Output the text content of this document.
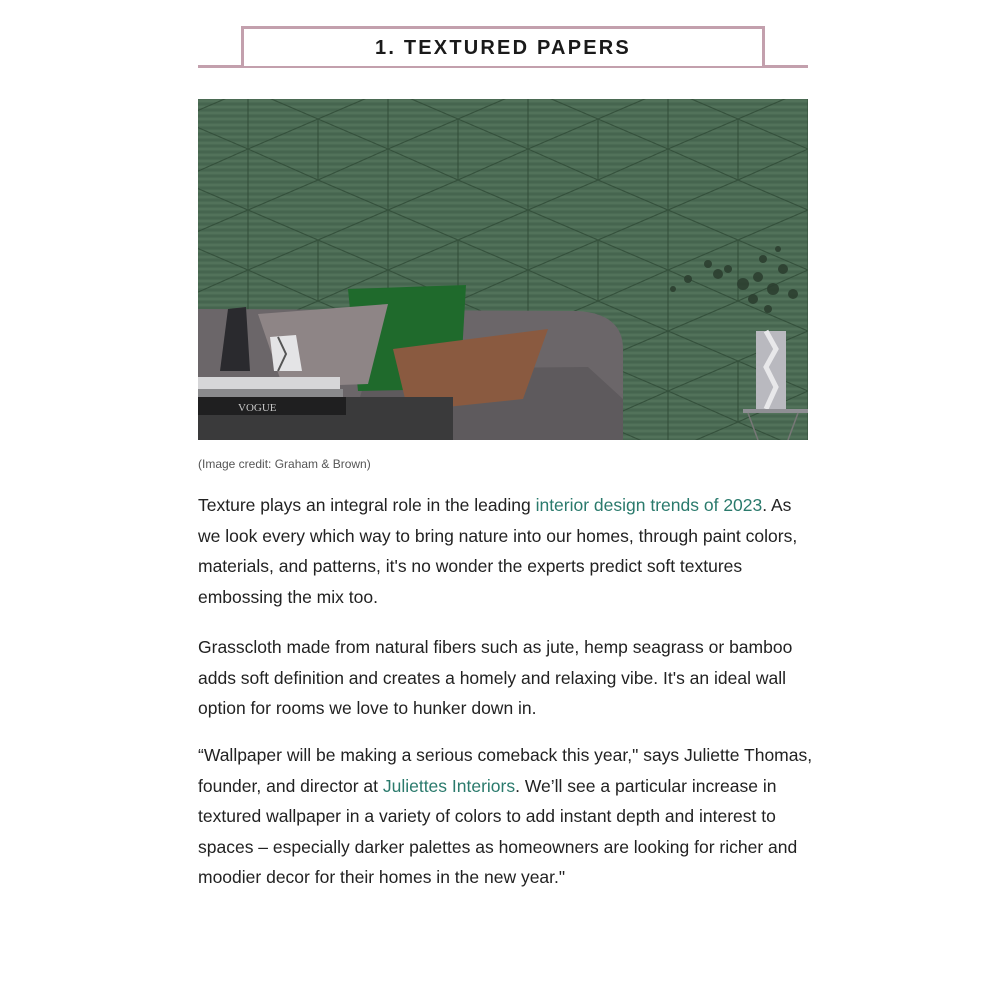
1. TEXTURED PAPERS
VOGUE
(Image credit: Graham & Brown)

Texture plays an integral role in the leading interior design trends of 2023. As we look every which way to bring nature into our homes, through paint colors, materials, and patterns, it's no wonder the experts predict soft textures embossing the mix too.

Grasscloth made from natural fibers such as jute, hemp seagrass or bamboo adds soft definition and creates a homely and relaxing vibe. It's an ideal wall option for rooms we love to hunker down in.

“Wallpaper will be making a serious comeback this year," says Juliette Thomas, founder, and director at Juliettes Interiors. We’ll see a particular increase in textured wallpaper in a variety of colors to add instant depth and interest to spaces – especially darker palettes as homeowners are looking for richer and moodier decor for their homes in the new year."
